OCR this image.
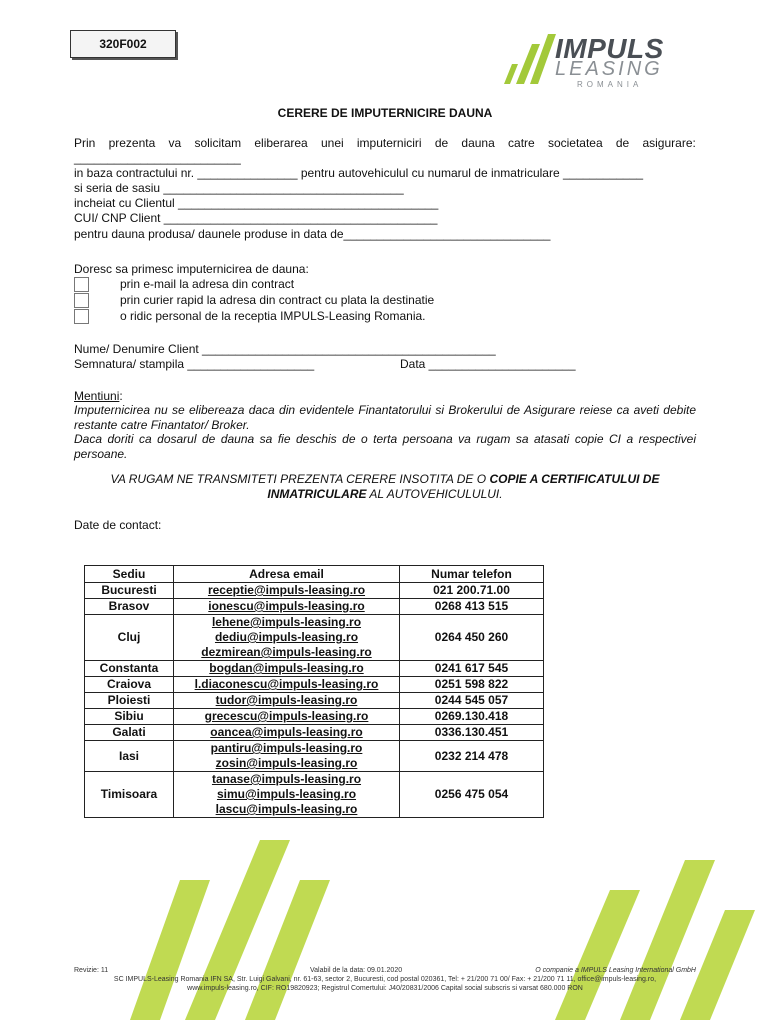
320F002	IMPULS
LEASING
ROMANIA
CERERE DE IMPUTERNICIRE DAUNA
Prin prezenta va solicitam eliberarea unei imputerniciri de dauna catre societatea de asigurare:
_________________________
in baza contractului nr. _______________ pentru autovehiculul cu numarul de inmatriculare ____________
si seria de sasiu ____________________________________
incheiat cu Clientul _______________________________________
CUI/ CNP Client _________________________________________
pentru dauna produsa/ daunele produse in data de_______________________________
Doresc sa primesc imputernicirea de dauna:
prin e-mail la adresa din contract
prin curier rapid la adresa din contract cu plata la destinatie
o ridic personal de la receptia IMPULS-Leasing Romania.
Nume/ Denumire Client ____________________________________________
Semnatura/ stampila ___________________	Data ______________________
Mentiuni:
Imputernicirea nu se elibereaza daca din evidentele Finantatorului si Brokerului de Asigurare reiese ca aveti debite restante catre Finantator/ Broker.
Daca doriti ca dosarul de dauna sa fie deschis de o terta persoana va rugam sa atasati copie CI a respectivei persoane.
VA RUGAM NE TRANSMITETI PREZENTA CERERE INSOTITA DE O COPIE A CERTIFICATULUI DE INMATRICULARE AL AUTOVEHICULULUI.
Date de contact:
Sediu	Adresa email	Numar telefon
Bucuresti	receptie@impuls-leasing.ro	021 200.71.00
Brasov	ionescu@impuls-leasing.ro	0268 413 515
Cluj	lehene@impuls-leasing.ro
dediu@impuls-leasing.ro
dezmirean@impuls-leasing.ro	0264 450 260
Constanta	bogdan@impuls-leasing.ro	0241 617 545
Craiova	l.diaconescu@impuls-leasing.ro	0251 598 822
Ploiesti	tudor@impuls-leasing.ro	0244 545 057
Sibiu	grecescu@impuls-leasing.ro	0269.130.418
Galati	oancea@impuls-leasing.ro	0336.130.451
Iasi	pantiru@impuls-leasing.ro
zosin@impuls-leasing.ro	0232 214 478
Timisoara	tanase@impuls-leasing.ro
simu@impuls-leasing.ro
lascu@impuls-leasing.ro	0256 475 054
Revizie: 11	Valabil de la data: 09.01.2020	O companie a IMPULS Leasing International GmbH
SC IMPULS-Leasing Romania IFN SA, Str. Luigi Galvani, nr. 61-63, sector 2, Bucuresti, cod postal 020361, Tel: + 21/200 71 00/ Fax: + 21/200 71 11, office@impuls-leasing.ro,
www.impuls-leasing.ro, CIF: RO19820923; Registrul Comertului: J40/20831/2006 Capital social subscris si varsat 680.000 RON
